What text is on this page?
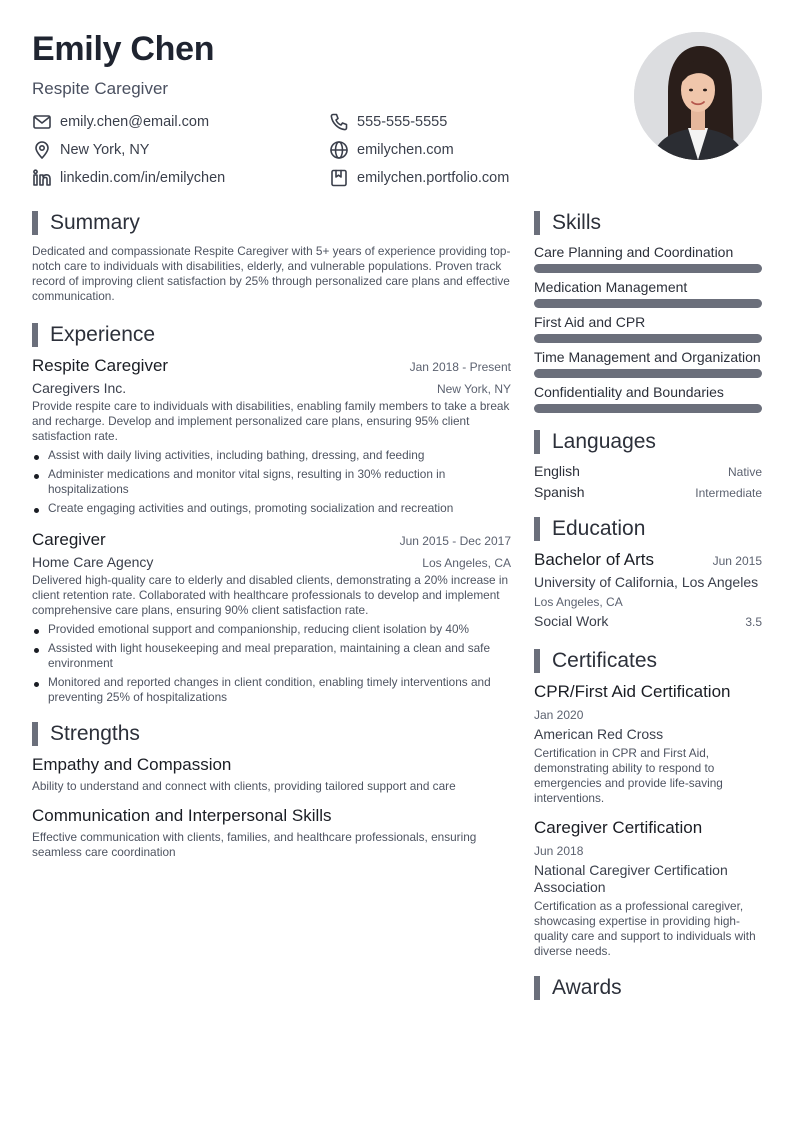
Emily Chen
Respite Caregiver
emily.chen@email.com	555-555-5555
New York, NY	emilychen.com
linkedin.com/in/emilychen	emilychen.portfolio.com
Summary

Dedicated and compassionate Respite Caregiver with 5+ years of experience providing top-notch care to individuals with disabilities, elderly, and vulnerable populations. Proven track record of improving client satisfaction by 25% through personalized care plans and effective communication.

Experience
Respite Caregiver	Jan 2018 - Present
Caregivers Inc.	New York, NY

Provide respite care to individuals with disabilities, enabling family members to take a break and recharge. Develop and implement personalized care plans, ensuring 95% client satisfaction rate.

Assist with daily living activities, including bathing, dressing, and feeding
Administer medications and monitor vital signs, resulting in 30% reduction in hospitalizations
Create engaging activities and outings, promoting socialization and recreation
Caregiver	Jun 2015 - Dec 2017
Home Care Agency	Los Angeles, CA

Delivered high-quality care to elderly and disabled clients, demonstrating a 20% increase in client retention rate. Collaborated with healthcare professionals to develop and implement comprehensive care plans, ensuring 90% client satisfaction rate.

Provided emotional support and companionship, reducing client isolation by 40%
Assisted with light housekeeping and meal preparation, maintaining a clean and safe environment
Monitored and reported changes in client condition, enabling timely interventions and preventing 25% of hospitalizations
Strengths
Empathy and Compassion

Ability to understand and connect with clients, providing tailored support and care

Communication and Interpersonal Skills

Effective communication with clients, families, and healthcare professionals, ensuring seamless care coordination

Skills
Care Planning and Coordination
Medication Management
First Aid and CPR
Time Management and Organization
Confidentiality and Boundaries
Languages
English	Native
Spanish	Intermediate
Education
Bachelor of Arts	Jun 2015
University of California, Los Angeles
Los Angeles, CA
Social Work	3.5
Certificates
CPR/First Aid Certification
Jan 2020
American Red Cross

Certification in CPR and First Aid, demonstrating ability to respond to emergencies and provide life-saving interventions.

Caregiver Certification
Jun 2018
National Caregiver Certification Association

Certification as a professional caregiver, showcasing expertise in providing high-quality care and support to individuals with diverse needs.

Awards
